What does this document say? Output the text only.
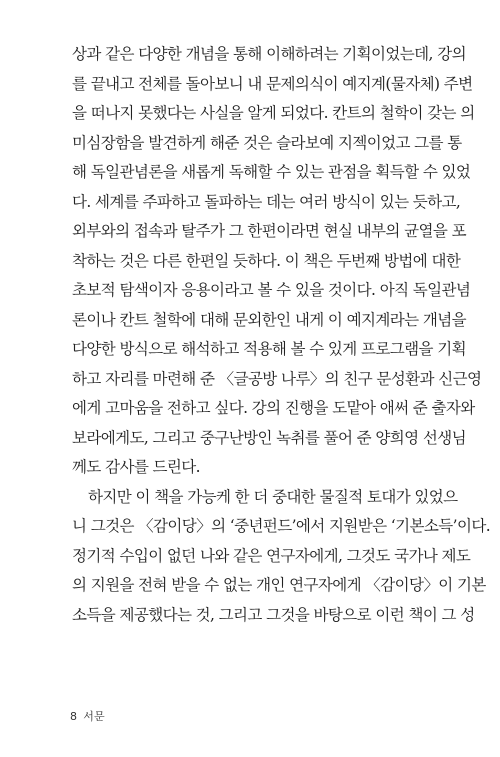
상과 같은 다양한 개념을 통해 이해하려는 기획이었는데, 강의
를 끝내고 전체를 돌아보니 내 문제의식이 예지계(물자체) 주변
을 떠나지 못했다는 사실을 알게 되었다. 칸트의 철학이 갖는 의
미심장함을 발견하게 해준 것은 슬라보예 지젝이었고 그를 통
해 독일관념론을 새롭게 독해할 수 있는 관점을 획득할 수 있었
다. 세계를 주파하고 돌파하는 데는 여러 방식이 있는 듯하고,
외부와의 접속과 탈주가 그 한편이라면 현실 내부의 균열을 포
착하는 것은 다른 한편일 듯하다. 이 책은 두번째 방법에 대한
초보적 탐색이자 응용이라고 볼 수 있을 것이다. 아직 독일관념
론이나 칸트 철학에 대해 문외한인 내게 이 예지계라는 개념을
다양한 방식으로 해석하고 적용해 볼 수 있게 프로그램을 기획
하고 자리를 마련해 준 〈글공방 나루〉의 친구 문성환과 신근영
에게 고마움을 전하고 싶다. 강의 진행을 도맡아 애써 준 출자와
보라에게도, 그리고 중구난방인 녹취를 풀어 준 양희영 선생님
께도 감사를 드린다.
하지만 이 책을 가능케 한 더 중대한 물질적 토대가 있었으
니 그것은 〈감이당〉의 ‘중년펀드’에서 지원받은 ‘기본소득’이다.
정기적 수입이 없던 나와 같은 연구자에게, 그것도 국가나 제도
의 지원을 전혀 받을 수 없는 개인 연구자에게 〈감이당〉이 기본
소득을 제공했다는 것, 그리고 그것을 바탕으로 이런 책이 그 성
8 서문
